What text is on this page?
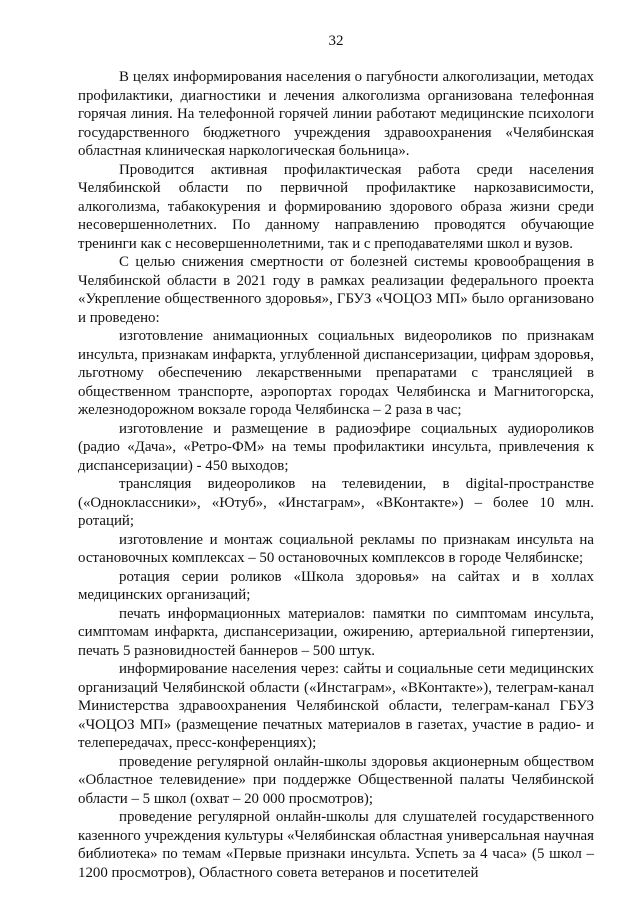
32

В целях информирования населения о пагубности алкоголизации, методах профилактики, диагностики и лечения алкоголизма организована телефонная горячая линия. На телефонной горячей линии работают медицинские психологи государственного бюджетного учреждения здравоохранения «Челябинская областная клиническая наркологическая больница».

Проводится активная профилактическая работа среди населения Челябинской области по первичной профилактике наркозависимости, алкоголизма, табакокурения и формированию здорового образа жизни среди несовершеннолетних. По данному направлению проводятся обучающие тренинги как с несовершеннолетними, так и с преподавателями школ и вузов.

С целью снижения смертности от болезней системы кровообращения в Челябинской области в 2021 году в рамках реализации федерального проекта «Укрепление общественного здоровья», ГБУЗ «ЧОЦОЗ МП» было организовано и проведено:

изготовление анимационных социальных видеороликов по признакам инсульта, признакам инфаркта, углубленной диспансеризации, цифрам здоровья, льготному обеспечению лекарственными препаратами с трансляцией в общественном транспорте, аэропортах городах Челябинска и Магнитогорска, железнодорожном вокзале города Челябинска – 2 раза в час;

изготовление и размещение в радиоэфире социальных аудиороликов (радио «Дача», «Ретро-ФМ» на темы профилактики инсульта, привлечения к диспансеризации) - 450 выходов;

трансляция видеороликов на телевидении, в digital-пространстве («Одноклассники», «Ютуб», «Инстаграм», «ВКонтакте») – более 10 млн. ротаций;

изготовление и монтаж социальной рекламы по признакам инсульта на остановочных комплексах – 50 остановочных комплексов в городе Челябинске;

ротация серии роликов «Школа здоровья» на сайтах и в холлах медицинских организаций;

печать информационных материалов: памятки по симптомам инсульта, симптомам инфаркта, диспансеризации, ожирению, артериальной гипертензии, печать 5 разновидностей баннеров – 500 штук.

информирование населения через: сайты и социальные сети медицинских организаций Челябинской области («Инстаграм», «ВКонтакте»), телеграм-канал Министерства здравоохранения Челябинской области, телеграм-канал ГБУЗ «ЧОЦОЗ МП» (размещение печатных материалов в газетах, участие в радио- и телепередачах, пресс-конференциях);

проведение регулярной онлайн-школы здоровья акционерным обществом «Областное телевидение» при поддержке Общественной палаты Челябинской области – 5 школ (охват – 20 000 просмотров);

проведение регулярной онлайн-школы для слушателей государственного казенного учреждения культуры «Челябинская областная универсальная научная библиотека» по темам «Первые признаки инсульта. Успеть за 4 часа» (5 школ – 1200 просмотров), Областного совета ветеранов и посетителей
